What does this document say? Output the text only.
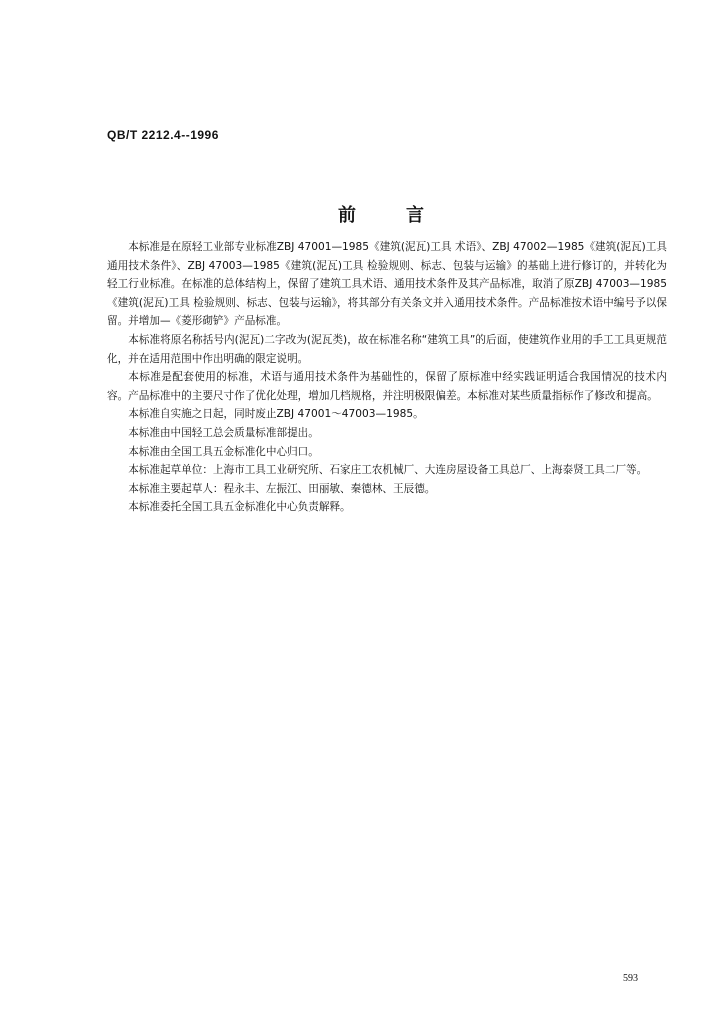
QB/T 2212.4--1996
前	言

本标准是在原轻工业部专业标准ZBJ 47001—1985《建筑(泥瓦)工具 术语》、ZBJ 47002—1985《建筑(泥瓦)工具 通用技术条件》、ZBJ 47003—1985《建筑(泥瓦)工具 检验规则、标志、包装与运输》的基础上进行修订的，并转化为轻工行业标准。在标准的总体结构上，保留了建筑工具术语、通用技术条件及其产品标准，取消了原ZBJ 47003—1985《建筑(泥瓦)工具 检验规则、标志、包装与运输》，将其部分有关条文并入通用技术条件。产品标准按术语中编号予以保留。并增加—《菱形砌铲》产品标准。

本标准将原名称括号内(泥瓦)二字改为(泥瓦类)，故在标准名称“建筑工具”的后面，使建筑作业用的手工工具更规范化，并在适用范围中作出明确的限定说明。

本标准是配套使用的标准，术语与通用技术条件为基础性的，保留了原标准中经实践证明适合我国情况的技术内容。产品标准中的主要尺寸作了优化处理，增加几档规格，并注明极限偏差。本标准对某些质量指标作了修改和提高。

本标准自实施之日起，同时废止ZBJ 47001～47003—1985。

本标准由中国轻工总会质量标准部提出。

本标准由全国工具五金标准化中心归口。

本标准起草单位：上海市工具工业研究所、石家庄工农机械厂、大连房屋设备工具总厂、上海泰贤工具二厂等。

本标准主要起草人：程永丰、左振江、田丽敏、秦德林、王辰德。

本标准委托全国工具五金标准化中心负责解释。

593
